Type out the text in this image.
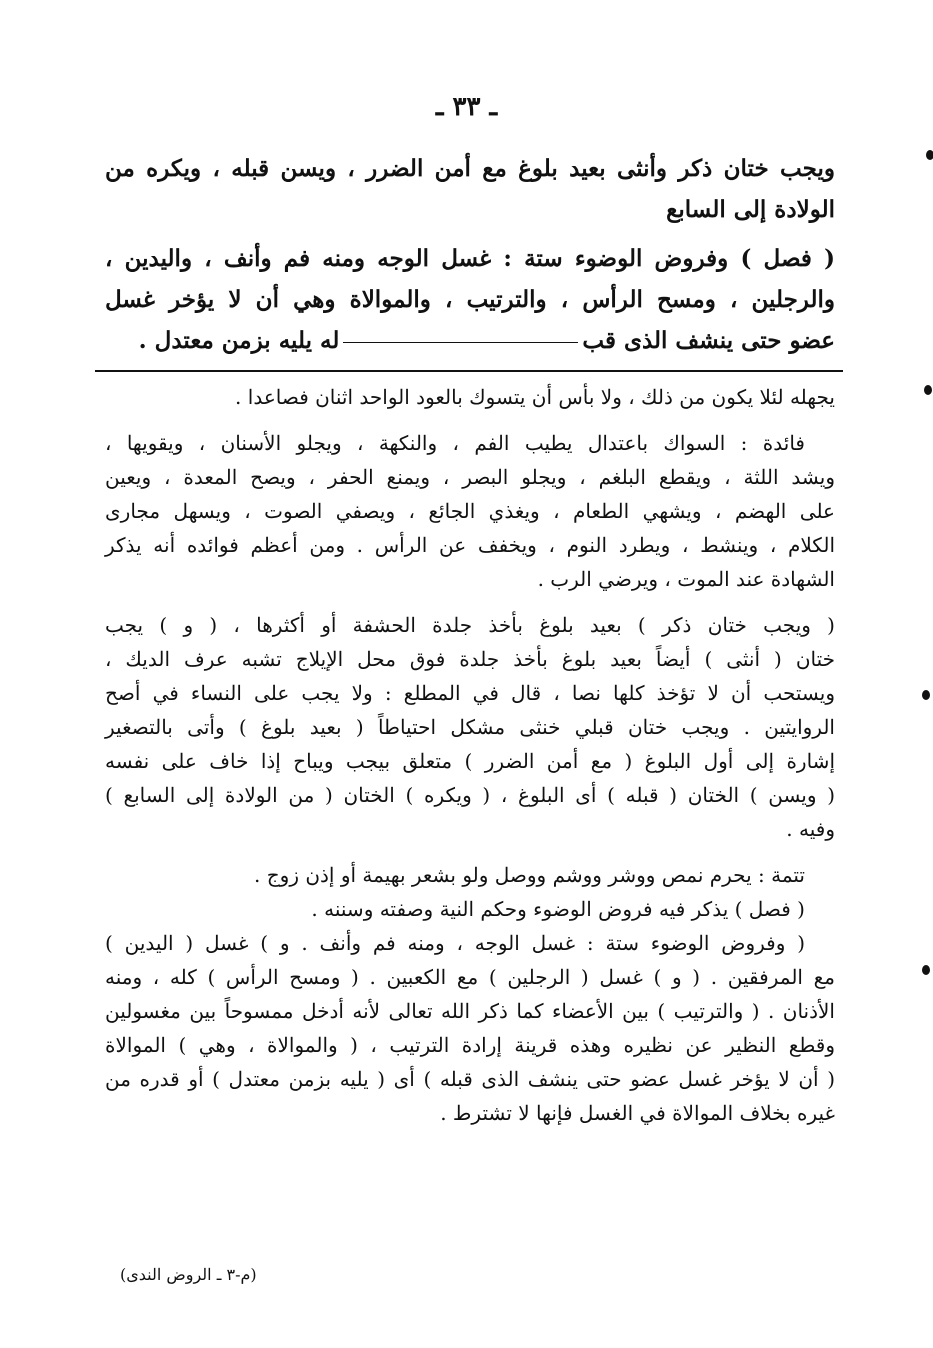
ـ ٣٣ ـ
ويجب ختان ذكر وأنثى بعيد بلوغ مع أمن الضرر ، ويسن قبله ، ويكره من
الولادة إلى السابع
( فصل ) وفروض الوضوء ستة : غسل الوجه ومنه فم وأنف ، واليدين ،
والرجلين ، ومسح الرأس ، والترتيب ، والموالاة وهي أن لا يؤخر غسل
عضو حتى ينشف الذى قبله يليه بزمن معتدل .
يجهله لئلا يكون من ذلك ، ولا بأس أن يتسوك بالعود الواحد اثنان فصاعدا .
فائدة : السواك باعتدال يطيب الفم ، والنكهة ، ويجلو الأسنان ، ويقويها ،
ويشد اللثة ، ويقطع البلغم ، ويجلو البصر ، ويمنع الحفر ، ويصح المعدة ، ويعين
على الهضم ، ويشهي الطعام ، ويغذي الجائع ، ويصفي الصوت ، ويسهل مجارى
الكلام ، وينشط ، ويطرد النوم ، ويخفف عن الرأس . ومن أعظم فوائده أنه يذكر
الشهادة عند الموت ، ويرضي الرب .
( ويجب ختان ذكر ) بعيد بلوغ بأخذ جلدة الحشفة أو أكثرها ، ( و ) يجب
ختان ( أنثى ) أيضاً بعيد بلوغ بأخذ جلدة فوق محل الإيلاج تشبه عرف الديك ،
ويستحب أن لا تؤخذ كلها نصا ، قال في المطلع : ولا يجب على النساء في أصح
الروايتين . ويجب ختان قبلي خنثى مشكل احتياطاً ( بعيد بلوغ ) وأتى بالتصغير
إشارة إلى أول البلوغ ( مع أمن الضرر ) متعلق بيجب ويباح إذا خاف على نفسه
( ويسن ) الختان ( قبله ) أى البلوغ ، ( ويكره ) الختان ( من الولادة إلى السابع )
وفيه .
تتمة : يحرم نمص ووشر ووشم ووصل ولو بشعر بهيمة أو إذن زوج .
( فصل ) يذكر فيه فروض الوضوء وحكم النية وصفته وسننه .
( وفروض الوضوء ستة : غسل الوجه ، ومنه فم وأنف . و ) غسل ( اليدين )
مع المرفقين . ( و ) غسل ( الرجلين ) مع الكعبين . ( ومسح الرأس ) كله ، ومنه
الأذنان . ( والترتيب ) بين الأعضاء كما ذكر الله تعالى لأنه أدخل ممسوحاً بين مغسولين
وقطع النظير عن نظيره وهذه قرينة إرادة الترتيب ، ( والموالاة ، وهي ) الموالاة
( أن لا يؤخر غسل عضو حتى ينشف الذى قبله ) أى ( يليه بزمن معتدل ) أو قدره من
غيره بخلاف الموالاة في الغسل فإنها لا تشترط .
(م-٣ ـ الروض الندى)
